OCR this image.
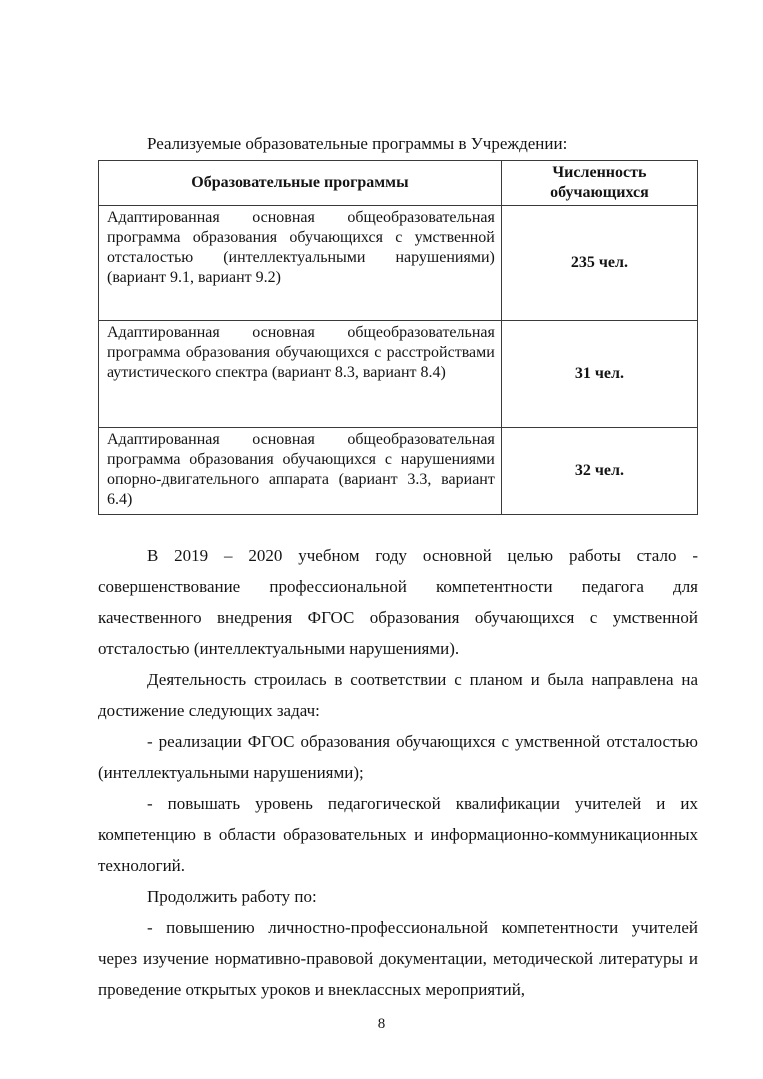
Реализуемые образовательные программы в Учреждении:
Образовательные программы	Численность
обучающихся

Адаптированная основная общеобразовательная программа образования обучающихся с умственной отсталостью (интеллектуальными нарушениями) (вариант 9.1, вариант 9.2)	235 чел.
Адаптированная основная общеобразовательная программа образования обучающихся с расстройствами аутистического спектра (вариант 8.3, вариант 8.4)	31 чел.
Адаптированная основная общеобразовательная программа образования обучающихся с нарушениями опорно-двигательного аппарата (вариант 3.3, вариант 6.4)	32 чел.

В 2019 – 2020 учебном году основной целью работы стало - совершенствование профессиональной компетентности педагога для качественного внедрения ФГОС образования обучающихся с умственной отсталостью (интеллектуальными нарушениями).

Деятельность строилась в соответствии с планом и была направлена на достижение следующих задач:

- реализации ФГОС образования обучающихся с умственной отсталостью (интеллектуальными нарушениями);

- повышать уровень педагогической квалификации учителей и их компетенцию в области образовательных и информационно-коммуникационных технологий.

Продолжить работу по:

- повышению личностно-профессиональной компетентности учителей через изучение нормативно-правовой документации, методической литературы и проведение открытых уроков и внеклассных мероприятий,

8
